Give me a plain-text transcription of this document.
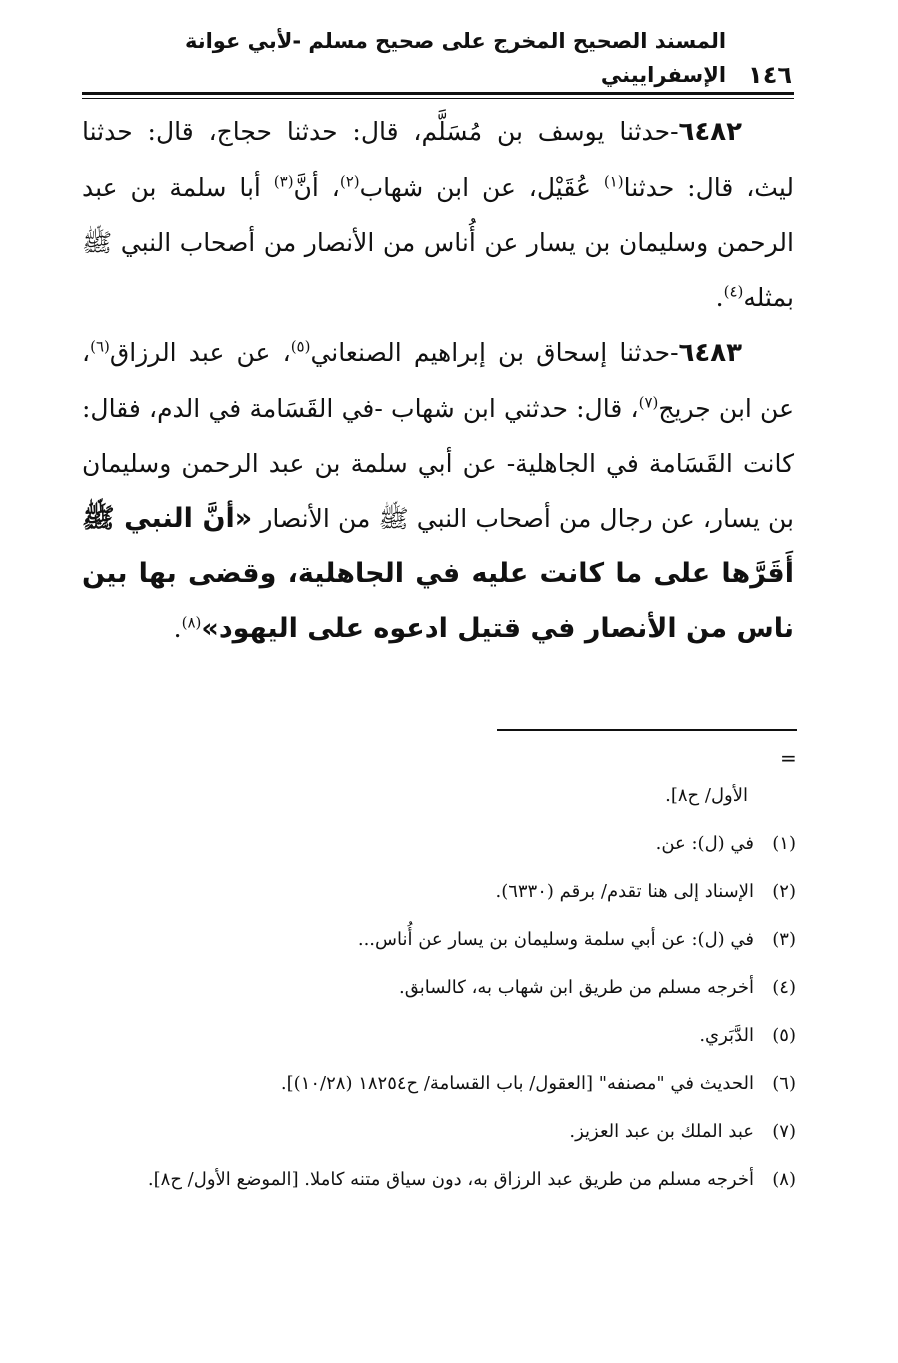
١٤٦
المسند الصحيح المخرج على صحيح مسلم -لأبي عوانة الإسفراييني

٦٤٨٢-حدثنا يوسف بن مُسَلَّم، قال: حدثنا حجاج، قال: حدثنا ليث، قال: حدثنا$^{(١)}$ عُقَيْل، عن ابن شهاب$^{(٢)}$، أنَّ$^{(٣)}$ أبا سلمة بن عبد الرحمن وسليمان بن يسار عن أُناس من الأنصار من أصحاب النبي ﷺ بمثله$^{(٤)}$.

٦٤٨٣-حدثنا إسحاق بن إبراهيم الصنعاني$^{(٥)}$، عن عبد الرزاق$^{(٦)}$، عن ابن جريج$^{(٧)}$، قال: حدثني ابن شهاب -في القَسَامة في الدم، فقال: كانت القَسَامة في الجاهلية- عن أبي سلمة بن عبد الرحمن وسليمان بن يسار، عن رجال من أصحاب النبي ﷺ من الأنصار «أنَّ النبي ﷺ أَقَرَّها على ما كانت عليه في الجاهلية، وقضى بها بين ناس من الأنصار في قتيل ادعوه على اليهود»$^{(٨)}$.

=
الأول/ ح٨].
(١)
في (ل): عن.
(٢)
الإسناد إلى هنا تقدم/ برقم (٦٣٣٠).
(٣)
في (ل): عن أبي سلمة وسليمان بن يسار عن أُناس...
(٤)
أخرجه مسلم من طريق ابن شهاب به، كالسابق.
(٥)
الدَّبَري.
(٦)
الحديث في "مصنفه" [العقول/ باب القسامة/ ح١٨٢٥٤ (١٠/٢٨)].
(٧)
عبد الملك بن عبد العزيز.
(٨)
أخرجه مسلم من طريق عبد الرزاق به، دون سياق متنه كاملا. [الموضع الأول/ ح٨].
